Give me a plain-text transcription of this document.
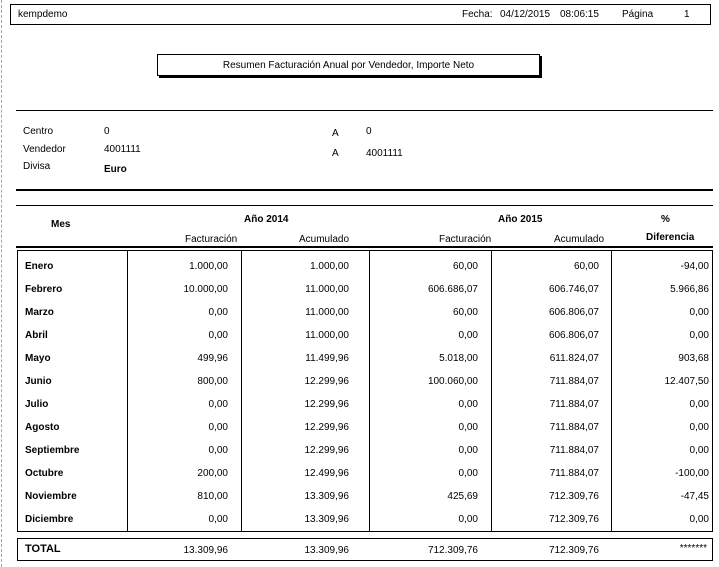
kempdemo	Fecha: 04/12/2015 08:06:15 Página	1
Resumen Facturación Anual por Vendedor, Importe Neto
Centro	0	A	0
Vendedor	4001111	A	4001111
Divisa	Euro
Mes	Año 2014	Año 2015	%
Facturación	Acumulado	Facturación	Acumulado	Diferencia
Enero	1.000,00	1.000,00	60,00	60,00	-94,00
Febrero	10.000,00	11.000,00	606.686,07	606.746,07	5.966,86
Marzo	0,00	11.000,00	60,00	606.806,07	0,00
Abril	0,00	11.000,00	0,00	606.806,07	0,00
Mayo	499,96	11.499,96	5.018,00	611.824,07	903,68
Junio	800,00	12.299,96	100.060,00	711.884,07	12.407,50
Julio	0,00	12.299,96	0,00	711.884,07	0,00
Agosto	0,00	12.299,96	0,00	711.884,07	0,00
Septiembre	0,00	12.299,96	0,00	711.884,07	0,00
Octubre	200,00	12.499,96	0,00	711.884,07	-100,00
Noviembre	810,00	13.309,96	425,69	712.309,76	-47,45
Diciembre	0,00	13.309,96	0,00	712.309,76	0,00
TOTAL	13.309,96	13.309,96	712.309,76	712.309,76	*******
